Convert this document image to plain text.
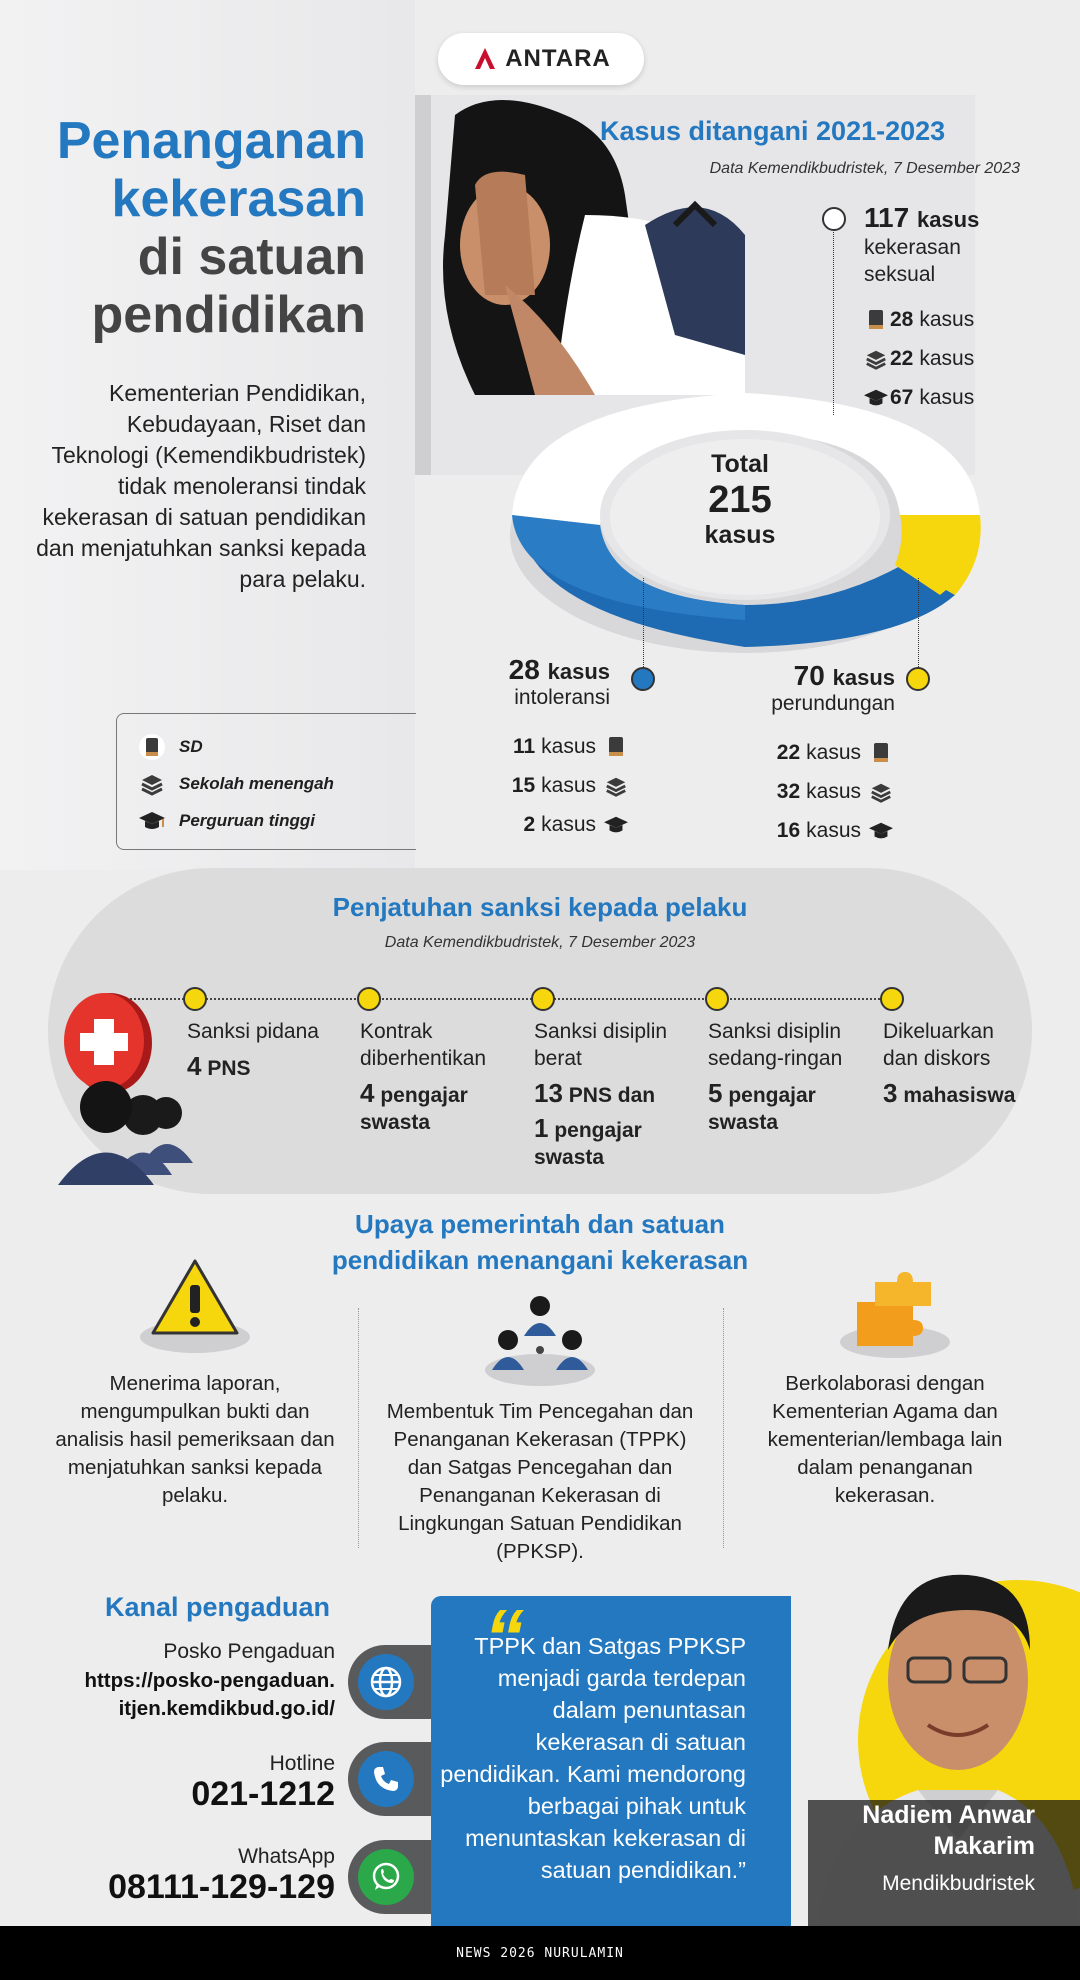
ANTARA
Penanganan
kekerasan
di satuan
pendidikan
Kementerian Pendidikan, Kebudayaan, Riset dan Teknologi (Kemendikbudristek) tidak menoleransi tindak kekerasan di satuan pendidikan dan menjatuhkan sanksi kepada para pelaku.
SD
Sekolah menengah
Perguruan tinggi
Kasus ditangani 2021-2023
Data Kemendikbudristek, 7 Desember 2023
Total
215
kasus
117 kasus
kekerasan seksual
28 kasus
22 kasus
67 kasus
28 kasus
intoleransi
11 kasus
15 kasus
2 kasus
70 kasus
perundungan
22 kasus
32 kasus
16 kasus
Penjatuhan sanksi kepada pelaku
Data Kemendikbudristek, 7 Desember 2023
Sanksi pidana
4 PNS
Kontrak diberhentikan
4 pengajar swasta
Sanksi disiplin berat
13 PNS dan
1 pengajar swasta
Sanksi disiplin sedang-ringan
5 pengajar swasta
Dikeluarkan dan diskors
3 mahasiswa
Upaya pemerintah dan satuan
pendidikan menangani kekerasan
Menerima laporan, mengumpulkan bukti dan analisis hasil pemeriksaan dan menjatuhkan sanksi kepada pelaku.
Membentuk Tim Pencegahan dan Penanganan Kekerasan (TPPK) dan Satgas Pencegahan dan Penanganan Kekerasan di Lingkungan Satuan Pendidikan (PPKSP).
Berkolaborasi dengan Kementerian Agama dan kementerian/lembaga lain dalam penanganan kekerasan.
Kanal pengaduan
Posko Pengaduan
https://posko-pengaduan.
itjen.kemdikbud.go.id/
Hotline
021-1212
WhatsApp
08111-129-129
“
TPPK dan Satgas PPKSP menjadi garda terdepan dalam penuntasan kekerasan di satuan pendidikan. Kami mendorong berbagai pihak untuk menuntaskan kekerasan di satuan pendidikan.”
Nadiem Anwar
Makarim
Mendikbudristek
NEWS 2026 NURULAMIN
